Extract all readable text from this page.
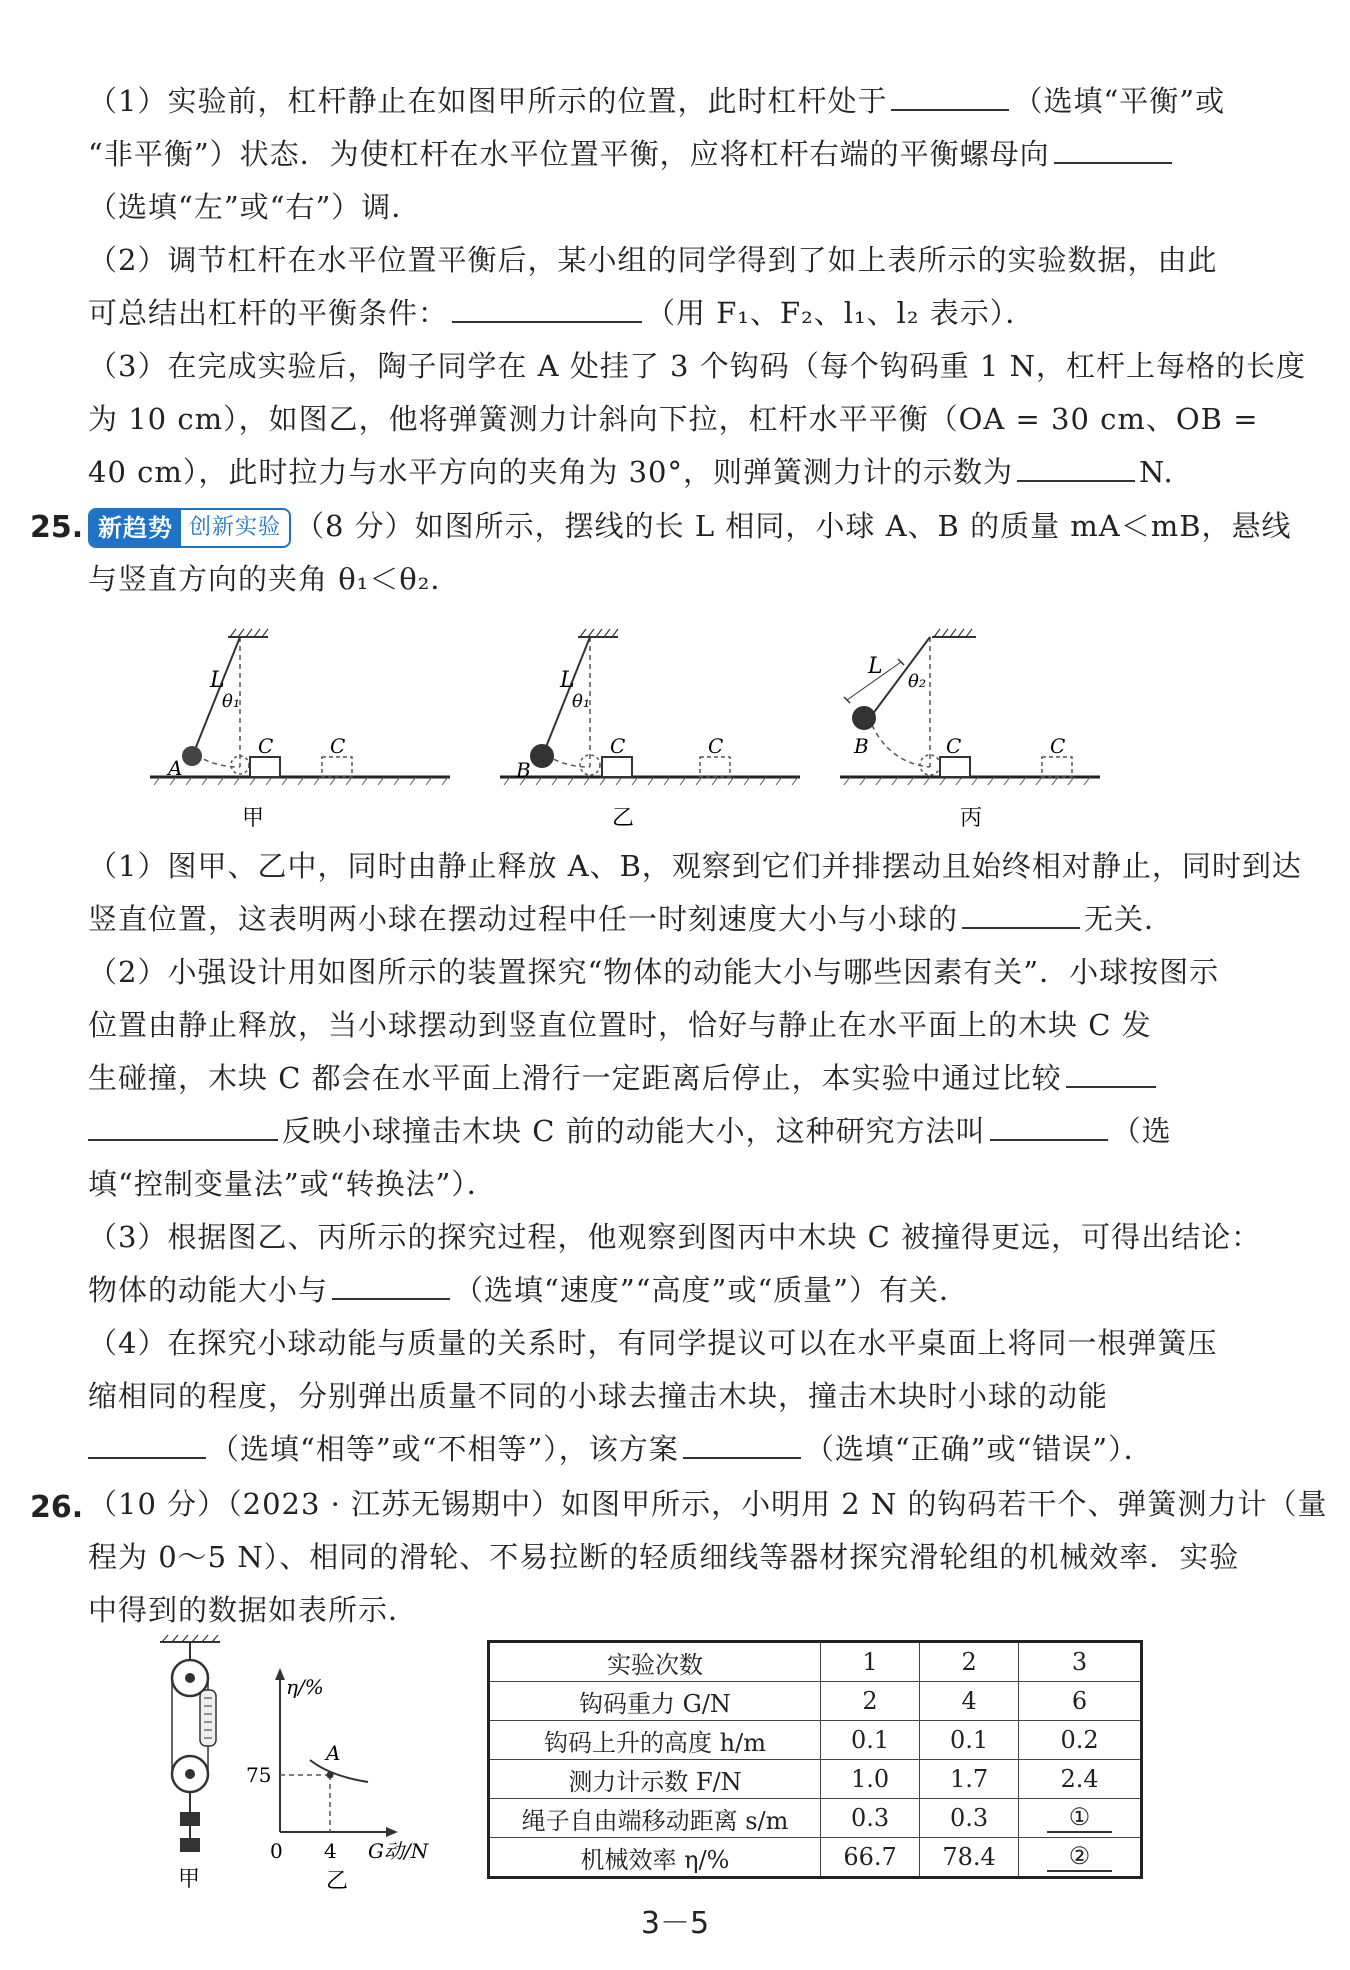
（1）实验前，杠杆静止在如图甲所示的位置，此时杠杆处于	（选填“平衡”或
“非平衡”）状态．为使杠杆在水平位置平衡，应将杠杆右端的平衡螺母向
（选填“左”或“右”）调．
（2）调节杠杆在水平位置平衡后，某小组的同学得到了如上表所示的实验数据，由此
可总结出杠杆的平衡条件：	（用 F₁、F₂、l₁、l₂ 表示）．
（3）在完成实验后，陶子同学在 A 处挂了 3 个钩码（每个钩码重 1 N，杠杆上每格的长度
为 10 cm），如图乙，他将弹簧测力计斜向下拉，杠杆水平平衡（OA = 30 cm、OB =
40 cm），此时拉力与水平方向的夹角为 30°，则弹簧测力计的示数为	N.
25. 新趋势 创新实验 （8 分）如图所示，摆线的长 L 相同，小球 A、B 的质量 mA＜mB，悬线
与竖直方向的夹角 θ₁＜θ₂．
L
θ₁
C	C
A
甲
L
θ₁
C	C
B
乙
L
θ₂
C	C
B
丙
（1）图甲、乙中，同时由静止释放 A、B，观察到它们并排摆动且始终相对静止，同时到达
竖直位置，这表明两小球在摆动过程中任一时刻速度大小与小球的	无关．
（2）小强设计用如图所示的装置探究“物体的动能大小与哪些因素有关”．小球按图示
位置由静止释放，当小球摆动到竖直位置时，恰好与静止在水平面上的木块 C 发
生碰撞，木块 C 都会在水平面上滑行一定距离后停止，本实验中通过比较
反映小球撞击木块 C 前的动能大小，这种研究方法叫	（选
填“控制变量法”或“转换法”）．
（3）根据图乙、丙所示的探究过程，他观察到图丙中木块 C 被撞得更远，可得出结论：
物体的动能大小与	（选填“速度”“高度”或“质量”）有关．
（4）在探究小球动能与质量的关系时，有同学提议可以在水平桌面上将同一根弹簧压
缩相同的程度，分别弹出质量不同的小球去撞击木块，撞击木块时小球的动能
（选填“相等”或“不相等”），该方案	（选填“正确”或“错误”）．
26. （10 分）（2023 · 江苏无锡期中）如图甲所示，小明用 2 N 的钩码若干个、弹簧测力计（量
程为 0～5 N）、相同的滑轮、不易拉断的轻质细线等器材探究滑轮组的机械效率．实验
中得到的数据如表所示．
甲
η/%
75
A
0 4 G动/N
乙
实验次数	1	2	3
钩码重力 G/N	2	4	6
钩码上升的高度 h/m	0.1	0.1	0.2
测力计示数 F/N	1.0	1.7	2.4
绳子自由端移动距离 s/m	0.3	0.3	①
机械效率 η/%	66.7	78.4	②
3－5
